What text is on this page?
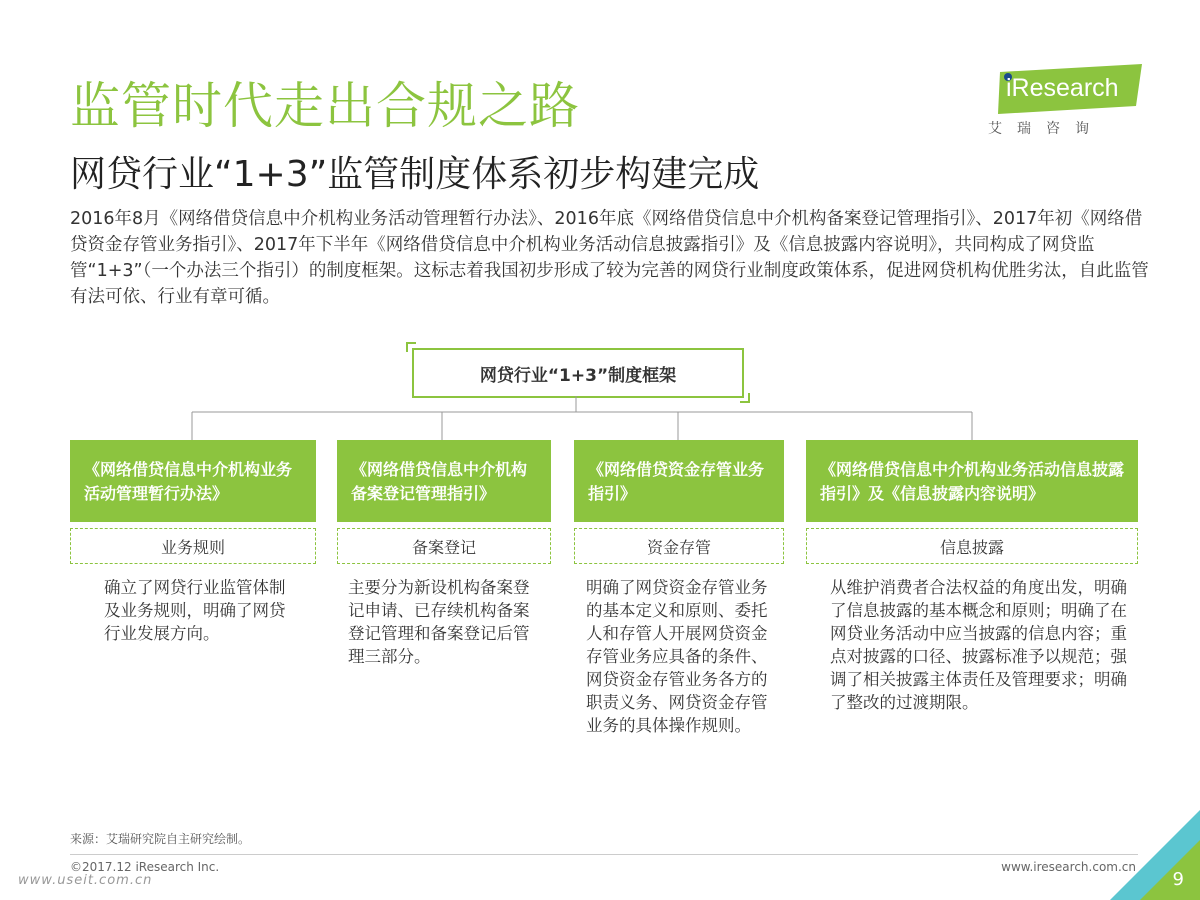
监管时代走出合规之路
网贷行业“1+3”监管制度体系初步构建完成
iResearch
艾瑞咨询
2016年8月《网络借贷信息中介机构业务活动管理暂行办法》、2016年底《网络借贷信息中介机构备案登记管理指引》、2017年初《网络借贷资金存管业务指引》、2017年下半年《网络借贷信息中介机构业务活动信息披露指引》及《信息披露内容说明》，共同构成了网贷监管“1+3”（一个办法三个指引）的制度框架。这标志着我国初步形成了较为完善的网贷行业制度政策体系，促进网贷机构优胜劣汰，自此监管有法可依、行业有章可循。
网贷行业“1+3”制度框架
《网络借贷信息中介机构业务活动管理暂行办法》
业务规则
确立了网贷行业监管体制及业务规则，明确了网贷行业发展方向。
《网络借贷信息中介机构备案登记管理指引》
备案登记
主要分为新设机构备案登记申请、已存续机构备案登记管理和备案登记后管理三部分。
《网络借贷资金存管业务指引》
资金存管
明确了网贷资金存管业务的基本定义和原则、委托人和存管人开展网贷资金存管业务应具备的条件、网贷资金存管业务各方的职责义务、网贷资金存管业务的具体操作规则。
《网络借贷信息中介机构业务活动信息披露指引》及《信息披露内容说明》
信息披露
从维护消费者合法权益的角度出发，明确了信息披露的基本概念和原则；明确了在网贷业务活动中应当披露的信息内容；重点对披露的口径、披露标准予以规范；强调了相关披露主体责任及管理要求；明确了整改的过渡期限。
来源：艾瑞研究院自主研究绘制。
©2017.12 iResearch Inc.	www.iresearch.com.cn
www.useit.com.cn	9
